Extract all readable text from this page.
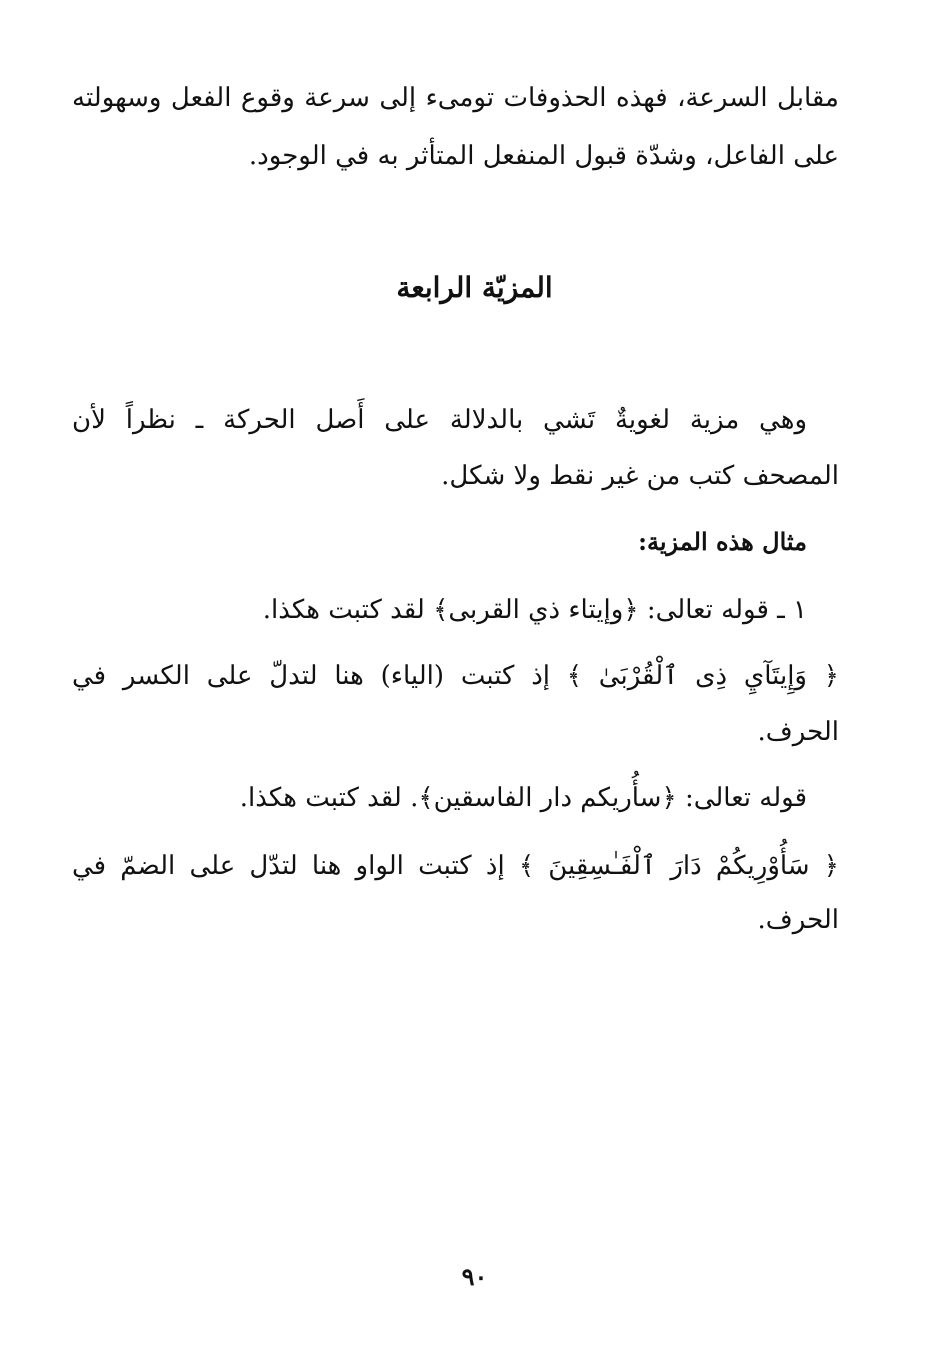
مقابل السرعة، فهذه الحذوفات تومىء إلى سرعة وقوع الفعل وسهولته
على الفاعل، وشدّة قبول المنفعل المتأثر به في الوجود.
المزيّة الرابعة
وهي مزية لغويةٌ تَشي بالدلالة على أَصل الحركة ـ نظراً لأن
المصحف كتب من غير نقط ولا شكل.
مثال هذه المزية:
١ ـ قوله تعالى: ﴿وإيتاء ذي القربى﴾ لقد كتبت هكذا.
﴿ وَإِيتَآيِ ذِى ٱلْقُرْبَىٰ ﴾ إذ كتبت (الياء) هنا لتدلّ على الكسر في
الحرف.
قوله تعالى: ﴿سأُريكم دار الفاسقين﴾. لقد كتبت هكذا.
﴿ سَأُوْرِيكُمْ دَارَ ٱلْفَـٰسِقِينَ ﴾ إذ كتبت الواو هنا لتدّل على الضمّ في
الحرف.
٩٠
